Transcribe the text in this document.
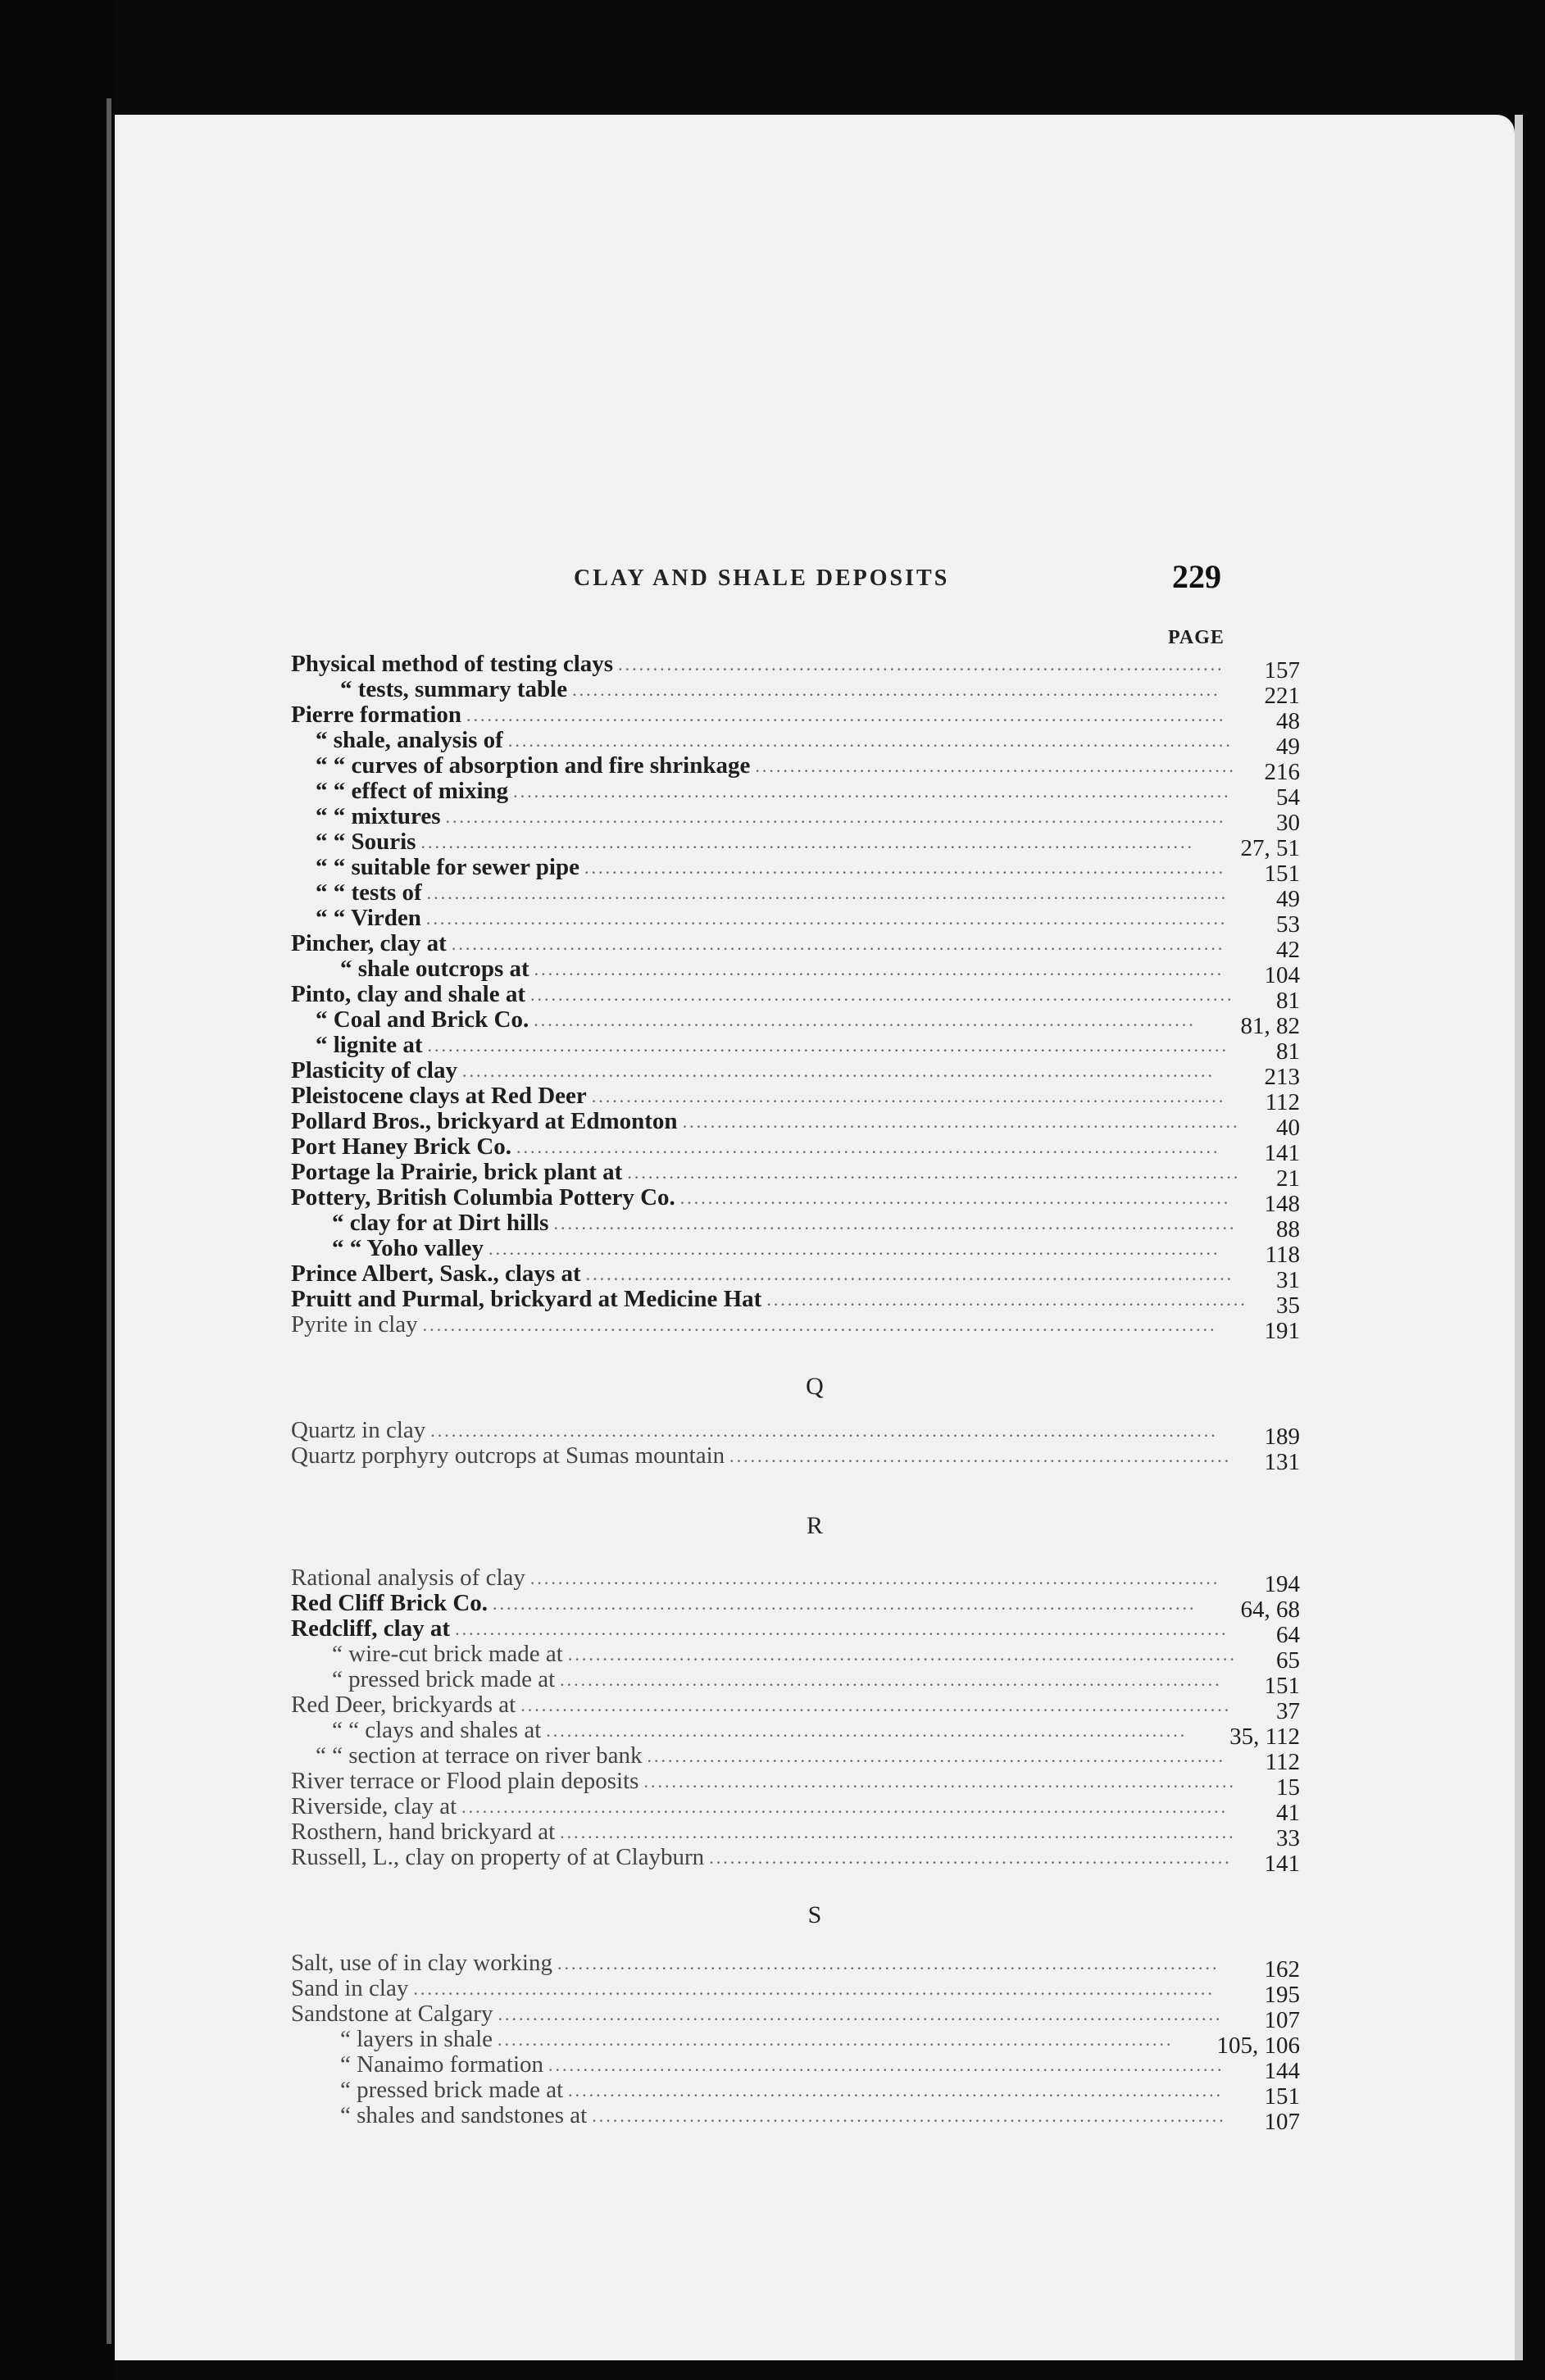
CLAY AND SHALE DEPOSITS	229
PAGE
Physical method of testing clays	157
.......................................................................................
“ tests, summary table	221
.............................................................................................
Pierre formation	48
.............................................................................................................
“ shale, analysis of	49
........................................................................................................
“ “ curves of absorption and fire shrinkage	216
.....................................................................
“ “ effect of mixing	54
.......................................................................................................
“ “ mixtures	30
................................................................................................................
“ “ Souris	27, 51
...............................................................................................................
“ “ suitable for sewer pipe	151
............................................................................................
“ “ tests of	49
...................................................................................................................
“ “ Virden	53
...................................................................................................................
Pincher, clay at	42
...............................................................................................................
“ shale outcrops at	104
...................................................................................................
Pinto, clay and shale at	81
.....................................................................................................
“ Coal and Brick Co.	81, 82
...............................................................................................
“ lignite at	81
...................................................................................................................
Plasticity of clay	213
............................................................................................................
Pleistocene clays at Red Deer	112
...........................................................................................
Pollard Bros., brickyard at Edmonton	40
................................................................................
Port Haney Brick Co.	141
.....................................................................................................
Portage la Prairie, brick plant at	21
........................................................................................
Pottery, British Columbia Pottery Co.	148
...............................................................................
“ clay for at Dirt hills	88
..................................................................................................
“ “ Yoho valley	118
.........................................................................................................
Prince Albert, Sask., clays at	31
.............................................................................................
Pruitt and Purmal, brickyard at Medicine Hat	35
.....................................................................
Pyrite in clay	191
..................................................................................................................
Q
Quartz in clay	189
.................................................................................................................
Quartz porphyry outcrops at Sumas mountain	131
........................................................................
R
Rational analysis of clay	194
...................................................................................................
Red Cliff Brick Co.	64, 68
.....................................................................................................
Redcliff, clay at	64
...............................................................................................................
“ wire-cut brick made at	65
................................................................................................
“ pressed brick made at	151
...............................................................................................
Red Deer, brickyards at	37
......................................................................................................
“ “ clays and shales at	35, 112
............................................................................................
“ “ section at terrace on river bank	112
...................................................................................
River terrace or Flood plain deposits	15
.....................................................................................
Riverside, clay at	41
..............................................................................................................
Rosthern, hand brickyard at	33
.................................................................................................
Russell, L., clay on property of at Clayburn	141
...........................................................................
S
Salt, use of in clay working	162
...............................................................................................
Sand in clay	195
...................................................................................................................
Sandstone at Calgary	107
........................................................................................................
“ layers in shale	105, 106
.................................................................................................
“ Nanaimo formation	144
.................................................................................................
“ pressed brick made at	151
..............................................................................................
“ shales and sandstones at	107
...........................................................................................
